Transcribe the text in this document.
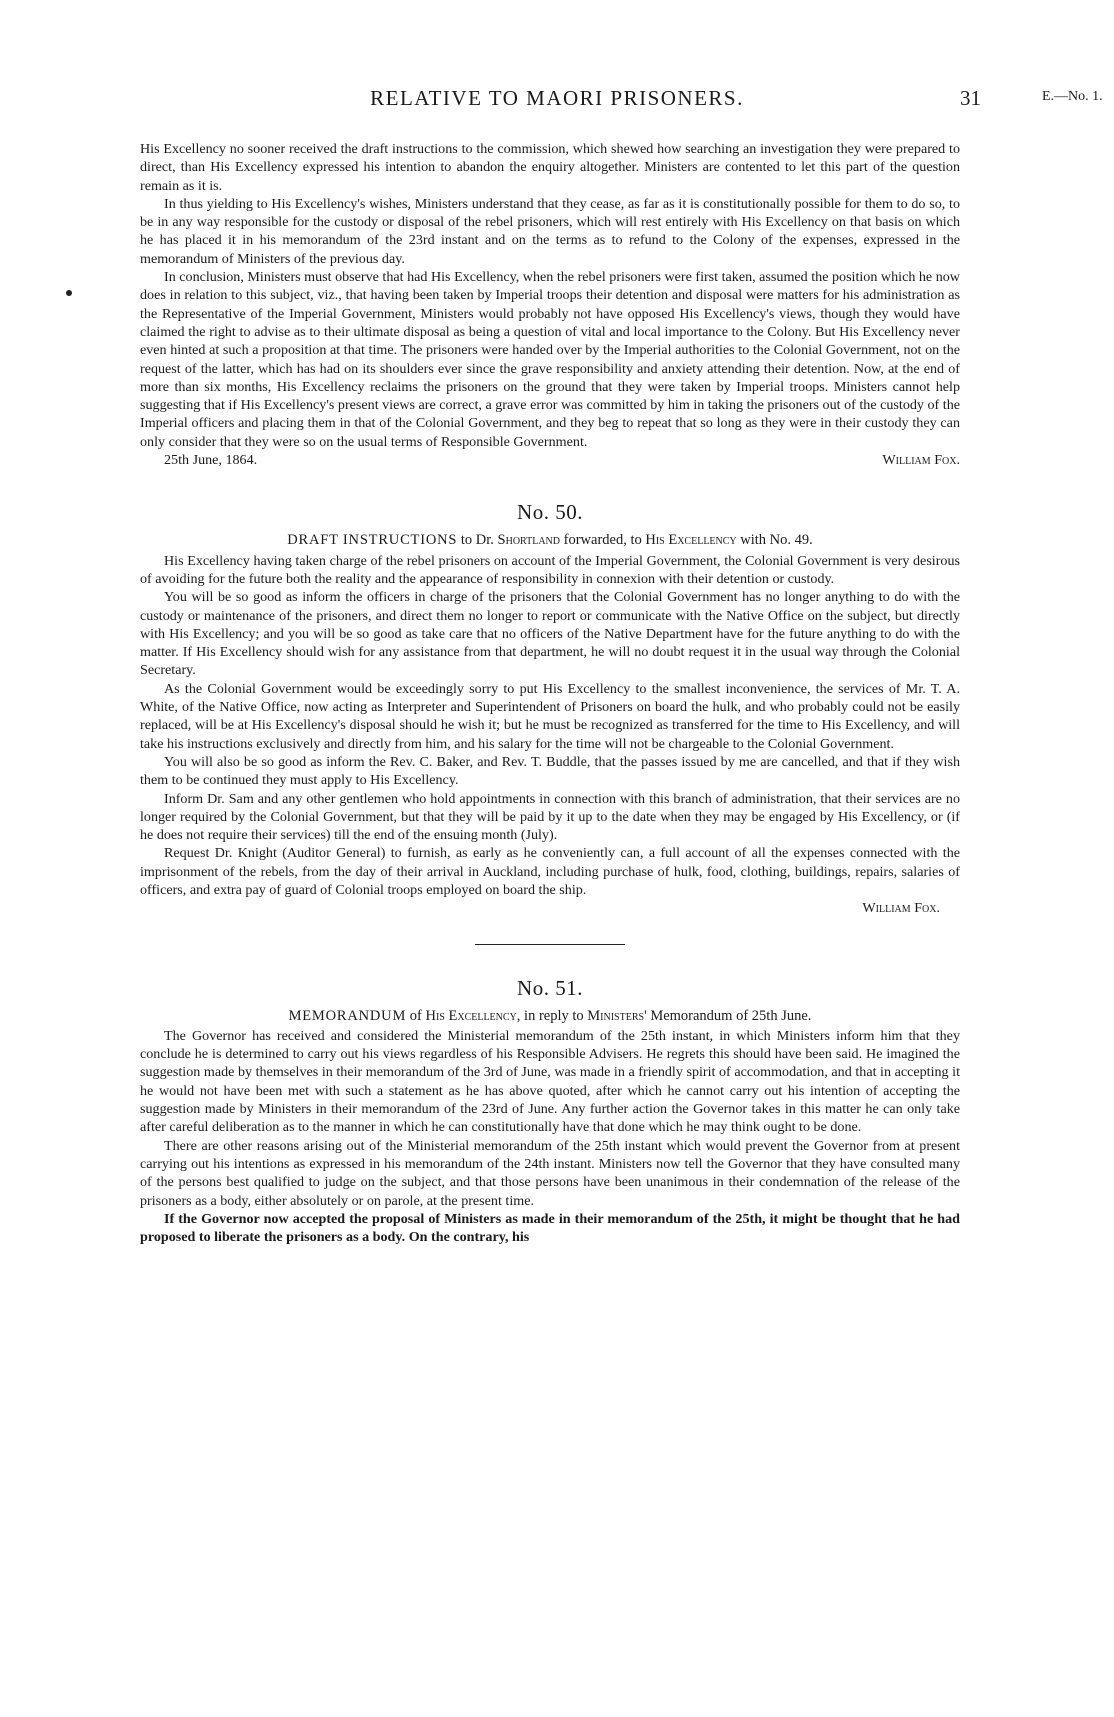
RELATIVE TO MAORI PRISONERS.	31	E.—No. 1.

His Excellency no sooner received the draft instructions to the commission, which shewed how searching an investigation they were prepared to direct, than His Excellency expressed his intention to abandon the enquiry altogether. Ministers are contented to let this part of the question remain as it is.

In thus yielding to His Excellency's wishes, Ministers understand that they cease, as far as it is constitutionally possible for them to do so, to be in any way responsible for the custody or disposal of the rebel prisoners, which will rest entirely with His Excellency on that basis on which he has placed it in his memorandum of the 23rd instant and on the terms as to refund to the Colony of the expenses, expressed in the memorandum of Ministers of the previous day.

In conclusion, Ministers must observe that had His Excellency, when the rebel prisoners were first taken, assumed the position which he now does in relation to this subject, viz., that having been taken by Imperial troops their detention and disposal were matters for his administration as the Representative of the Imperial Government, Ministers would probably not have opposed His Excellency's views, though they would have claimed the right to advise as to their ultimate disposal as being a question of vital and local importance to the Colony. But His Excellency never even hinted at such a proposition at that time. The prisoners were handed over by the Imperial authorities to the Colonial Government, not on the request of the latter, which has had on its shoulders ever since the grave responsibility and anxiety attending their detention. Now, at the end of more than six months, His Excellency reclaims the prisoners on the ground that they were taken by Imperial troops. Ministers cannot help suggesting that if His Excellency's present views are correct, a grave error was committed by him in taking the prisoners out of the custody of the Imperial officers and placing them in that of the Colonial Government, and they beg to repeat that so long as they were in their custody they can only consider that they were so on the usual terms of Responsible Government.

25th June, 1864.	William Fox.
No. 50.
DRAFT INSTRUCTIONS to Dr. Shortland forwarded, to His Excellency with No. 49.

His Excellency having taken charge of the rebel prisoners on account of the Imperial Government, the Colonial Government is very desirous of avoiding for the future both the reality and the appearance of responsibility in connexion with their detention or custody.

You will be so good as inform the officers in charge of the prisoners that the Colonial Government has no longer anything to do with the custody or maintenance of the prisoners, and direct them no longer to report or communicate with the Native Office on the subject, but directly with His Excellency; and you will be so good as take care that no officers of the Native Department have for the future anything to do with the matter. If His Excellency should wish for any assistance from that department, he will no doubt request it in the usual way through the Colonial Secretary.

As the Colonial Government would be exceedingly sorry to put His Excellency to the smallest inconvenience, the services of Mr. T. A. White, of the Native Office, now acting as Interpreter and Superintendent of Prisoners on board the hulk, and who probably could not be easily replaced, will be at His Excellency's disposal should he wish it; but he must be recognized as transferred for the time to His Excellency, and will take his instructions exclusively and directly from him, and his salary for the time will not be chargeable to the Colonial Government.

You will also be so good as inform the Rev. C. Baker, and Rev. T. Buddle, that the passes issued by me are cancelled, and that if they wish them to be continued they must apply to His Excellency.

Inform Dr. Sam and any other gentlemen who hold appointments in connection with this branch of administration, that their services are no longer required by the Colonial Government, but that they will be paid by it up to the date when they may be engaged by His Excellency, or (if he does not require their services) till the end of the ensuing month (July).

Request Dr. Knight (Auditor General) to furnish, as early as he conveniently can, a full account of all the expenses connected with the imprisonment of the rebels, from the day of their arrival in Auckland, including purchase of hulk, food, clothing, buildings, repairs, salaries of officers, and extra pay of guard of Colonial troops employed on board the ship.

William Fox.

No. 51.
MEMORANDUM of His Excellency, in reply to Ministers' Memorandum of 25th June.

The Governor has received and considered the Ministerial memorandum of the 25th instant, in which Ministers inform him that they conclude he is determined to carry out his views regardless of his Responsible Advisers. He regrets this should have been said. He imagined the suggestion made by themselves in their memorandum of the 3rd of June, was made in a friendly spirit of accommodation, and that in accepting it he would not have been met with such a statement as he has above quoted, after which he cannot carry out his intention of accepting the suggestion made by Ministers in their memorandum of the 23rd of June. Any further action the Governor takes in this matter he can only take after careful deliberation as to the manner in which he can constitutionally have that done which he may think ought to be done.

There are other reasons arising out of the Ministerial memorandum of the 25th instant which would prevent the Governor from at present carrying out his intentions as expressed in his memorandum of the 24th instant. Ministers now tell the Governor that they have consulted many of the persons best qualified to judge on the subject, and that those persons have been unanimous in their condemnation of the release of the prisoners as a body, either absolutely or on parole, at the present time.

If the Governor now accepted the proposal of Ministers as made in their memorandum of the 25th, it might be thought that he had proposed to liberate the prisoners as a body. On the contrary, his
